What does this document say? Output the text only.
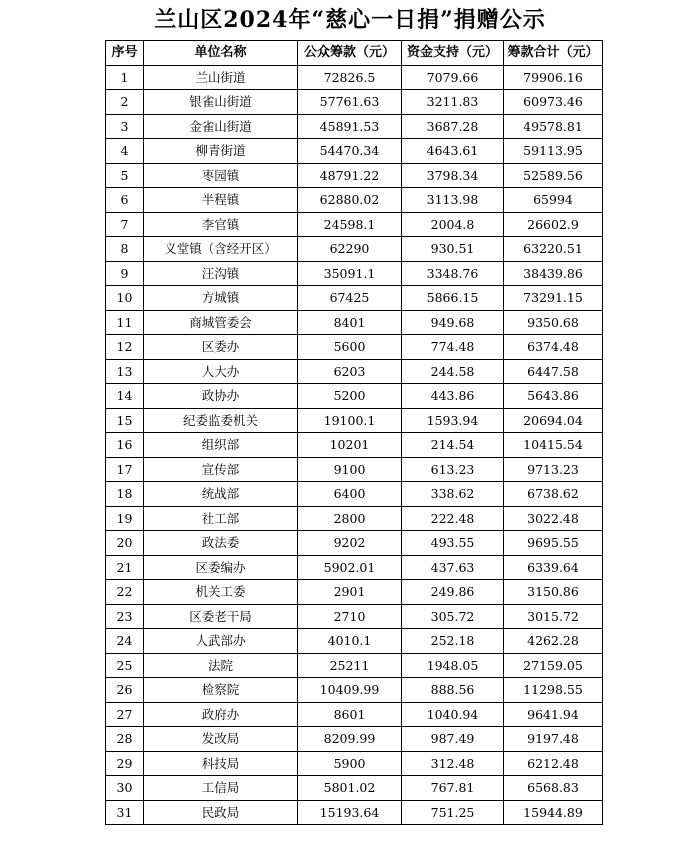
兰山区2024年“慈心一日捐”捐赠公示
序号	单位名称	公众筹款（元）	资金支持（元）	筹款合计（元）
1	兰山街道	72826.5	7079.66	79906.16
2	银雀山街道	57761.63	3211.83	60973.46
3	金雀山街道	45891.53	3687.28	49578.81
4	柳青街道	54470.34	4643.61	59113.95
5	枣园镇	48791.22	3798.34	52589.56
6	半程镇	62880.02	3113.98	65994
7	李官镇	24598.1	2004.8	26602.9
8	义堂镇（含经开区）	62290	930.51	63220.51
9	汪沟镇	35091.1	3348.76	38439.86
10	方城镇	67425	5866.15	73291.15
11	商城管委会	8401	949.68	9350.68
12	区委办	5600	774.48	6374.48
13	人大办	6203	244.58	6447.58
14	政协办	5200	443.86	5643.86
15	纪委监委机关	19100.1	1593.94	20694.04
16	组织部	10201	214.54	10415.54
17	宣传部	9100	613.23	9713.23
18	统战部	6400	338.62	6738.62
19	社工部	2800	222.48	3022.48
20	政法委	9202	493.55	9695.55
21	区委编办	5902.01	437.63	6339.64
22	机关工委	2901	249.86	3150.86
23	区委老干局	2710	305.72	3015.72
24	人武部办	4010.1	252.18	4262.28
25	法院	25211	1948.05	27159.05
26	检察院	10409.99	888.56	11298.55
27	政府办	8601	1040.94	9641.94
28	发改局	8209.99	987.49	9197.48
29	科技局	5900	312.48	6212.48
30	工信局	5801.02	767.81	6568.83
31	民政局	15193.64	751.25	15944.89
